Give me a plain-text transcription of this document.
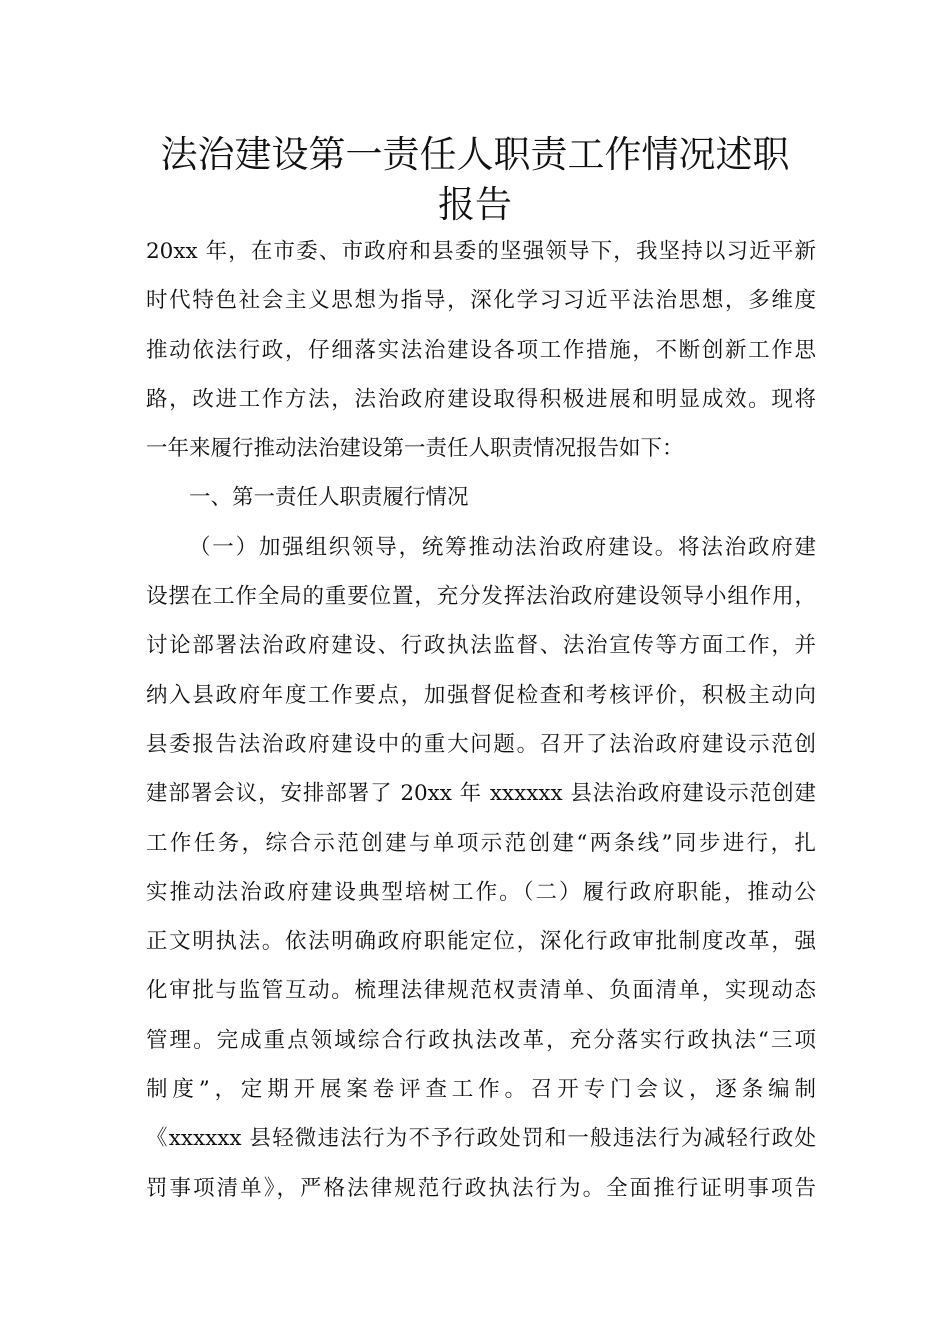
法治建设第一责任人职责工作情况述职
报告
20xx 年，在市委、市政府和县委的坚强领导下，我坚持以习近平新
时代特色社会主义思想为指导，深化学习习近平法治思想，多维度
推动依法行政，仔细落实法治建设各项工作措施，不断创新工作思
路，改进工作方法，法治政府建设取得积极进展和明显成效。现将
一年来履行推动法治建设第一责任人职责情况报告如下：
一、第一责任人职责履行情况
（一）加强组织领导，统筹推动法治政府建设。将法治政府建
设摆在工作全局的重要位置，充分发挥法治政府建设领导小组作用，
讨论部署法治政府建设、行政执法监督、法治宣传等方面工作，并
纳入县政府年度工作要点，加强督促检查和考核评价，积极主动向
县委报告法治政府建设中的重大问题。召开了法治政府建设示范创
建部署会议，安排部署了 20xx 年 xxxxxx 县法治政府建设示范创建
工作任务，综合示范创建与单项示范创建“两条线”同步进行，扎
实推动法治政府建设典型培树工作。（二）履行政府职能，推动公
正文明执法。依法明确政府职能定位，深化行政审批制度改革，强
化审批与监管互动。梳理法律规范权责清单、负面清单，实现动态
管理。完成重点领域综合行政执法改革，充分落实行政执法“三项
制度”，定期开展案卷评查工作。召开专门会议，逐条编制
《xxxxxx 县轻微违法行为不予行政处罚和一般违法行为减轻行政处
罚事项清单》，严格法律规范行政执法行为。全面推行证明事项告
